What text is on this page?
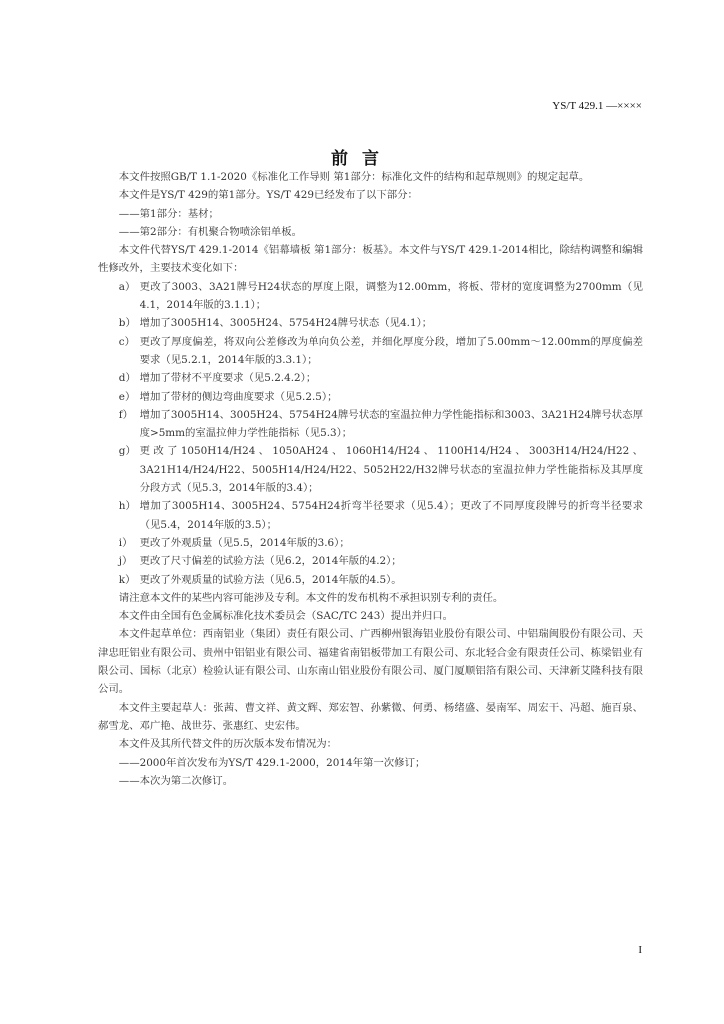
YS/T 429.1 —××××
前言
本文件按照GB/T 1.1-2020《标准化工作导则 第1部分：标准化文件的结构和起草规则》的规定起草。
本文件是YS/T 429的第1部分。YS/T 429已经发布了以下部分：
——第1部分：基材；
——第2部分：有机聚合物喷涂铝单板。
本文件代替YS/T 429.1-2014《铝幕墙板 第1部分：板基》。本文件与YS/T 429.1-2014相比，除结构调整和编辑性修改外，主要技术变化如下：
a） 更改了3003、3A21牌号H24状态的厚度上限，调整为12.00mm，将板、带材的宽度调整为2700mm（见4.1，2014年版的3.1.1）；
b） 增加了3005H14、3005H24、5754H24牌号状态（见4.1）；
c） 更改了厚度偏差，将双向公差修改为单向负公差，并细化厚度分段，增加了5.00mm～12.00mm的厚度偏差要求（见5.2.1，2014年版的3.3.1）；
d） 增加了带材不平度要求（见5.2.4.2）；
e） 增加了带材的侧边弯曲度要求（见5.2.5）；
f） 增加了3005H14、3005H24、5754H24牌号状态的室温拉伸力学性能指标和3003、3A21H24牌号状态厚度>5mm的室温拉伸力学性能指标（见5.3）；
g） 更改了1050H14/H24、1050AH24、1060H14/H24、1100H14/H24、3003H14/H24/H22、3A21H14/H24/H22、5005H14/H24/H22、5052H22/H32牌号状态的室温拉伸力学性能指标及其厚度分段方式（见5.3，2014年版的3.4）；
h） 增加了3005H14、3005H24、5754H24折弯半径要求（见5.4）；更改了不同厚度段牌号的折弯半径要求（见5.4，2014年版的3.5）；
i） 更改了外观质量（见5.5，2014年版的3.6）；
j） 更改了尺寸偏差的试验方法（见6.2，2014年版的4.2）；
k） 更改了外观质量的试验方法（见6.5，2014年版的4.5）。
请注意本文件的某些内容可能涉及专利。本文件的发布机构不承担识别专利的责任。
本文件由全国有色金属标准化技术委员会（SAC/TC 243）提出并归口。
本文件起草单位：西南铝业（集团）责任有限公司、广西柳州银海铝业股份有限公司、中铝瑞闽股份有限公司、天津忠旺铝业有限公司、贵州中铝铝业有限公司、福建省南铝板带加工有限公司、东北轻合金有限责任公司、栋梁铝业有限公司、国标（北京）检验认证有限公司、山东南山铝业股份有限公司、厦门厦顺铝箔有限公司、天津新艾隆科技有限公司。
本文件主要起草人：张茜、曹文祥、黄文辉、郑宏智、孙紫微、何勇、杨绪盛、晏南军、周宏干、冯超、施百泉、郝雪龙、邓广艳、战世芬、张惠红、史宏伟。
本文件及其所代替文件的历次版本发布情况为：
——2000年首次发布为YS/T 429.1-2000，2014年第一次修订；
——本次为第二次修订。
I
